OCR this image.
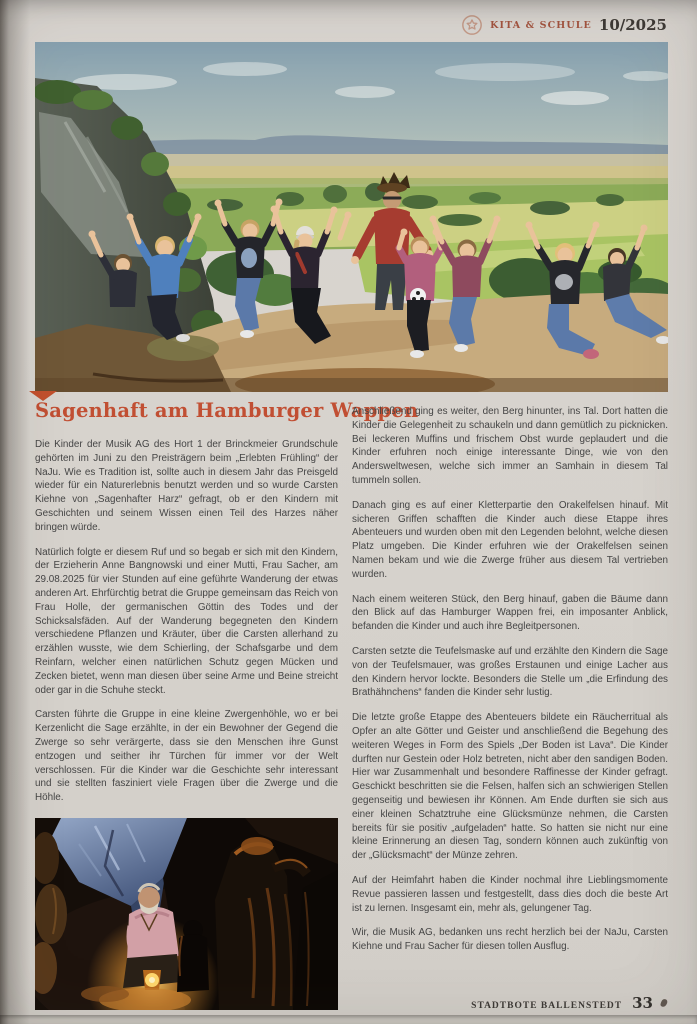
KITA & SCHULE 10/2025
Sagenhaft am Hamburger Wappen

Die Kinder der Musik AG des Hort 1 der Brinckmeier Grundschule gehörten im Juni zu den Preisträgern beim „Erlebten Frühling“ der NaJu. Wie es Tradition ist, sollte auch in diesem Jahr das Preisgeld wieder für ein Naturerlebnis benutzt werden und so wurde Carsten Kiehne von „Sagenhafter Harz“ gefragt, ob er den Kindern mit Geschichten und seinem Wissen einen Teil des Harzes näher bringen würde.

Natürlich folgte er diesem Ruf und so begab er sich mit den Kindern, der Erzieherin Anne Bangnowski und einer Mutti, Frau Sacher, am 29.08.2025 für vier Stunden auf eine geführte Wanderung der etwas anderen Art. Ehrfürchtig betrat die Gruppe gemeinsam das Reich von Frau Holle, der germanischen Göttin des Todes und der Schicksalsfäden. Auf der Wanderung begegneten den Kindern verschiedene Pflanzen und Kräuter, über die Carsten allerhand zu erzählen wusste, wie dem Schierling, der Schafsgarbe und dem Reinfarn, welcher einen natürlichen Schutz gegen Mücken und Zecken bietet, wenn man diesen über seine Arme und Beine streicht oder gar in die Schuhe steckt.

Carsten führte die Gruppe in eine kleine Zwergenhöhle, wo er bei Kerzenlicht die Sage erzählte, in der ein Bewohner der Gegend die Zwerge so sehr verärgerte, dass sie den Menschen ihre Gunst entzogen und seither ihr Türchen für immer vor der Welt verschlossen. Für die Kinder war die Geschichte sehr interessant und sie stellten fasziniert viele Fragen über die Zwerge und die Höhle.

Anschließend ging es weiter, den Berg hinunter, ins Tal. Dort hatten die Kinder die Gelegenheit zu schaukeln und dann gemütlich zu picknicken. Bei leckeren Muffins und frischem Obst wurde geplaudert und die Kinder erfuhren noch einige interessante Dinge, wie von den Andersweltwesen, welche sich immer an Samhain in diesem Tal tummeln sollen.

Danach ging es auf einer Kletterpartie den Orakelfelsen hinauf. Mit sicheren Griffen schafften die Kinder auch diese Etappe ihres Abenteuers und wurden oben mit den Legenden belohnt, welche diesen Platz umgeben. Die Kinder erfuhren wie der Orakelfelsen seinen Namen bekam und wie die Zwerge früher aus diesem Tal vertrieben wurden.

Nach einem weiteren Stück, den Berg hinauf, gaben die Bäume dann den Blick auf das Hamburger Wappen frei, ein imposanter Anblick, befanden die Kinder und auch ihre Begleitpersonen.

Carsten setzte die Teufelsmaske auf und erzählte den Kindern die Sage von der Teufelsmauer, was großes Erstaunen und einige Lacher aus den Kindern hervor lockte. Besonders die Stelle um „die Erfindung des Brathähnchens“ fanden die Kinder sehr lustig.

Die letzte große Etappe des Abenteuers bildete ein Räucherritual als Opfer an alte Götter und Geister und anschließend die Begehung des weiteren Weges in Form des Spiels „Der Boden ist Lava“. Die Kinder durften nur Gestein oder Holz betreten, nicht aber den sandigen Boden. Hier war Zusammenhalt und besondere Raffinesse der Kinder gefragt. Geschickt beschritten sie die Felsen, halfen sich an schwierigen Stellen gegenseitig und bewiesen ihr Können. Am Ende durften sie sich aus einer kleinen Schatztruhe eine Glücksmünze nehmen, die Carsten bereits für sie positiv „aufgeladen“ hatte. So hatten sie nicht nur eine kleine Erinnerung an diesen Tag, sondern können auch zukünftig von der „Glücksmacht“ der Münze zehren.

Auf der Heimfahrt haben die Kinder nochmal ihre Lieblingsmomente Revue passieren lassen und festgestellt, dass dies doch die beste Art ist zu lernen. Insgesamt ein, mehr als, gelungener Tag.

Wir, die Musik AG, bedanken uns recht herzlich bei der NaJu, Carsten Kiehne und Frau Sacher für diesen tollen Ausflug.

STADTBOTE BALLENSTEDT 33
